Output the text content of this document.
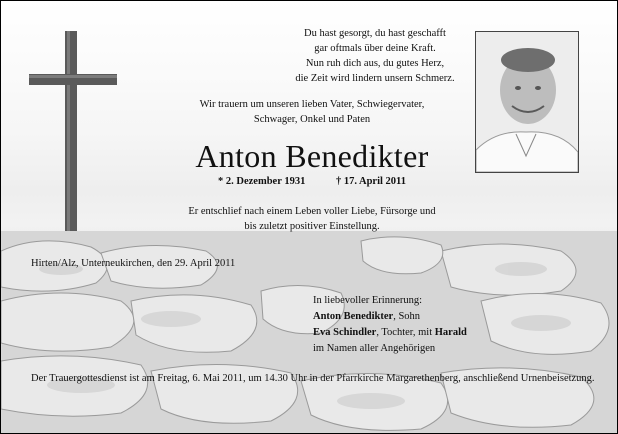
Du hast gesorgt, du hast geschafft
gar oftmals über deine Kraft.
Nun ruh dich aus, du gutes Herz,
die Zeit wird lindern unsern Schmerz.
Wir trauern um unseren lieben Vater, Schwiegervater,
Schwager, Onkel und Paten
Anton Benedikter
* 2. Dezember 1931	† 17. April 2011
Er entschlief nach einem Leben voller Liebe, Fürsorge und
bis zuletzt positiver Einstellung.
Hirten/Alz, Unterneukirchen, den 29. April 2011
In liebevoller Erinnerung:
Anton Benedikter, Sohn
Eva Schindler, Tochter, mit Harald
im Namen aller Angehörigen
Der Trauergottesdienst ist am Freitag, 6. Mai 2011, um 14.30 Uhr in der Pfarrkirche Margarethenberg, anschließend Urnenbeisetzung.
